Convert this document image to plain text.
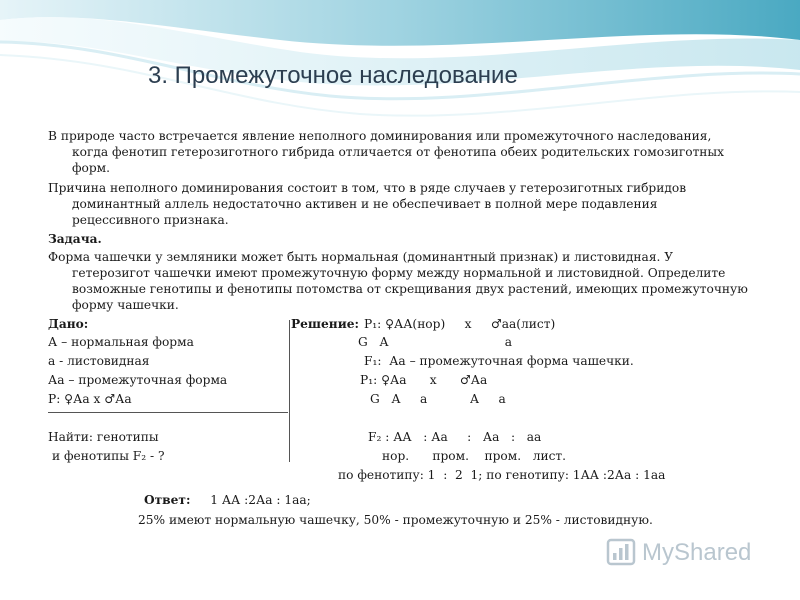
3. Промежуточное наследование
В природе часто встречается явление неполного доминирования или промежуточного наследования,
когда фенотип гетерозиготного гибрида отличается от фенотипа обеих родительских гомозиготных форм.
Причина неполного доминирования состоит в том, что в ряде случаев у гетерозиготных гибридов
доминантный аллель недостаточно активен и не обеспечивает в полной мере подавления рецессивного признака.
Задача.
Форма чашечки у земляники может быть нормальная (доминантный признак) и листовидная. У
гетерозигот чашечки имеют промежуточную форму между нормальной и листовидной. Определите возможные генотипы и фенотипы потомства от скрещивания двух растений, имеющих промежуточную форму чашечки.
Дано:
А – нормальная форма
а - листовидная
Аа – промежуточная форма
Р: ♀Аа х ♂Аа
Найти: генотипы
и фенотипы F₂ - ?
Решение: P₁: ♀АА(нор)     х     ♂аа(лист)
G   А                              а
F₁:  Аа – промежуточная форма чашечки.
P₁: ♀Аа      х      ♂Аа
G   А     а           А     а
F₂ : АА   : Аа     :   Аа   :   аа
нор.      пром.    пром.   лист.
по фенотипу: 1  :  2  1; по генотипу: 1АА :2Аа : 1аа
Ответ: 1 АА :2Аа : 1аа;
25% имеют нормальную чашечку, 50% - промежуточную и 25% - листовидную.
MyShared
